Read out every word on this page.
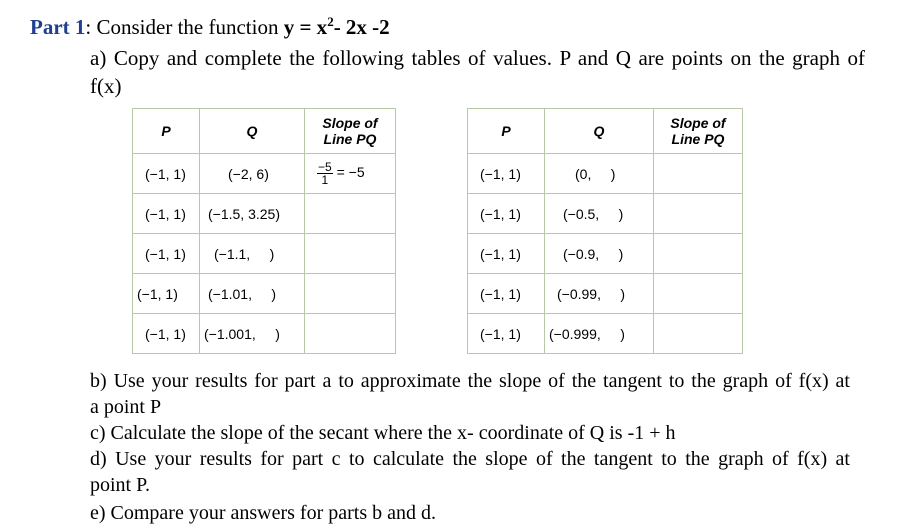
Part 1: Consider the function $y = x^2-$ 2x -2
a) Copy and complete the following tables of values. P and Q are points on the graph of
f(x)
P	Q	Slope of
Line PQ
(−1, 1)	(−2, 6)	$\frac{-5}{1} = -5$
(−1, 1)	(−1.5, 3.25)	
(−1, 1)	(−1.1,     )	
(−1, 1)	(−1.01,     )	
(−1, 1)	(−1.001,     )	
P	Q	Slope of
Line PQ
(−1, 1)	(0,     )	
(−1, 1)	(−0.5,     )	
(−1, 1)	(−0.9,     )	
(−1, 1)	(−0.99,     )	
(−1, 1)	(−0.999,     )	
b) Use your results for part a to approximate the slope of the tangent to the graph of f(x) at
a point P
c) Calculate the slope of the secant where the x- coordinate of Q is -1 + h
d) Use your results for part c to calculate the slope of the tangent to the graph of f(x) at
point P.
e) Compare your answers for parts b and d.
